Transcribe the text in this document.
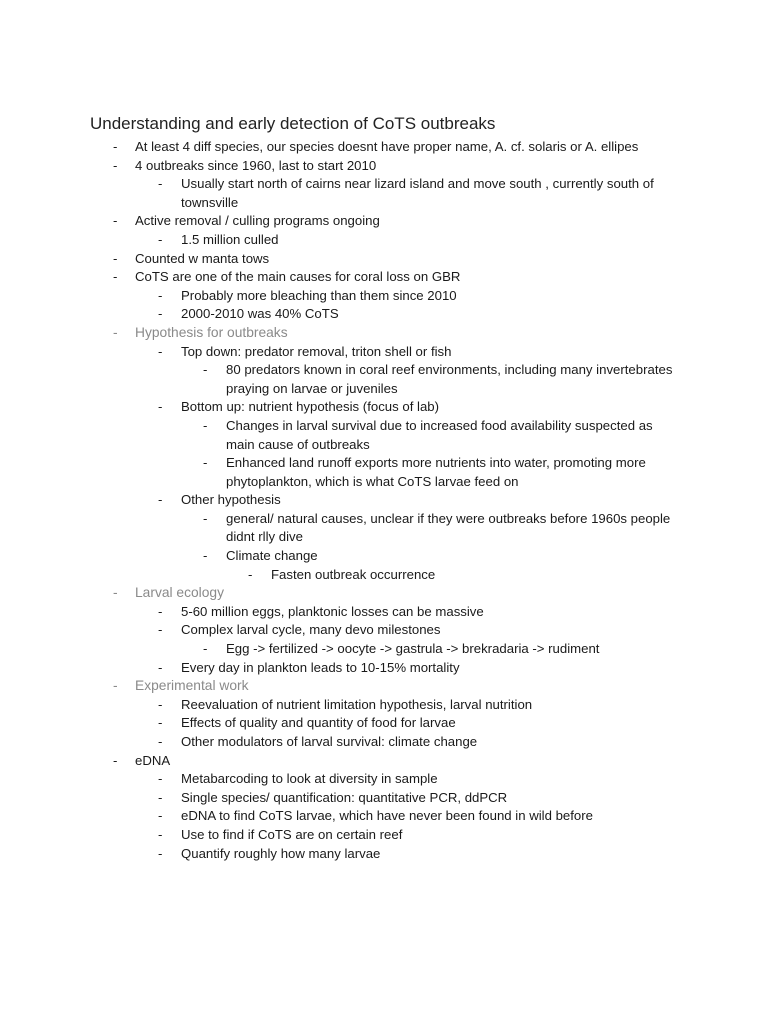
Understanding and early detection of CoTS outbreaks
- At least 4 diff species, our species doesnt have proper name, A. cf. solaris or A. ellipes
- 4 outbreaks since 1960, last to start 2010
- Usually start north of cairns near lizard island and move south , currently south of townsville
- Active removal / culling programs ongoing
- 1.5 million culled
- Counted w manta tows
- CoTS are one of the main causes for coral loss on GBR
- Probably more bleaching than them since 2010
- 2000-2010 was 40% CoTS
- Hypothesis for outbreaks
- Top down: predator removal, triton shell or fish
- 80 predators known in coral reef environments, including many invertebrates praying on larvae or juveniles
- Bottom up: nutrient hypothesis (focus of lab)
- Changes in larval survival due to increased food availability suspected as main cause of outbreaks
- Enhanced land runoff exports more nutrients into water, promoting more phytoplankton, which is what CoTS larvae feed on
- Other hypothesis
- general/ natural causes, unclear if they were outbreaks before 1960s people didnt rlly dive
- Climate change
- Fasten outbreak occurrence
- Larval ecology
- 5-60 million eggs, planktonic losses can be massive
- Complex larval cycle, many devo milestones
- Egg -> fertilized -> oocyte -> gastrula -> brekradaria -> rudiment
- Every day in plankton leads to 10-15% mortality
- Experimental work
- Reevaluation of nutrient limitation hypothesis, larval nutrition
- Effects of quality and quantity of food for larvae
- Other modulators of larval survival: climate change
- eDNA
- Metabarcoding to look at diversity in sample
- Single species/ quantification: quantitative PCR, ddPCR
- eDNA to find CoTS larvae, which have never been found in wild before
- Use to find if CoTS are on certain reef
- Quantify roughly how many larvae
